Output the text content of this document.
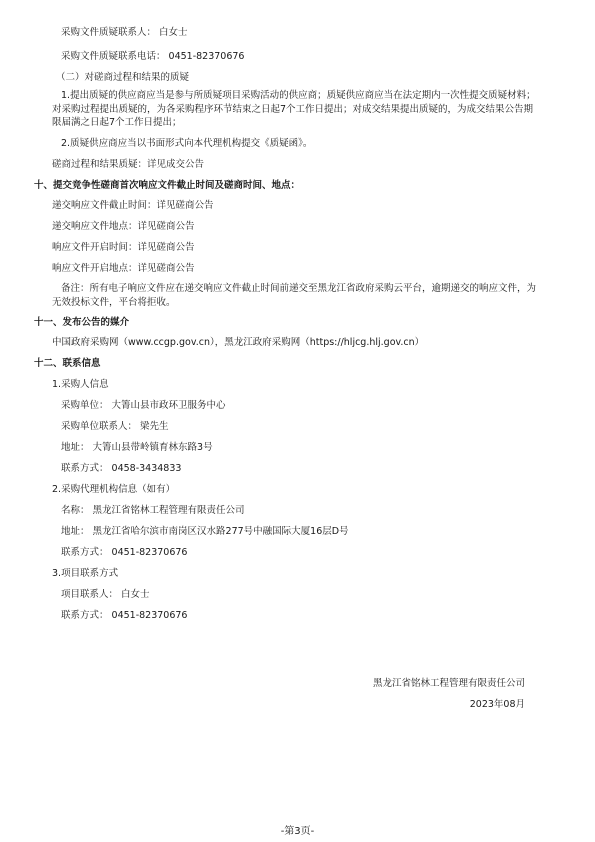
采购文件质疑联系人： 白女士
采购文件质疑联系电话： 0451-82370676
（二）对磋商过程和结果的质疑
1.提出质疑的供应商应当是参与所质疑项目采购活动的供应商；质疑供应商应当在法定期内一次性提交质疑材料；对采购过程提出质疑的，为各采购程序环节结束之日起7个工作日提出；对成交结果提出质疑的，为成交结果公告期限届满之日起7个工作日提出；
2.质疑供应商应当以书面形式向本代理机构提交《质疑函》。
磋商过程和结果质疑：详见成交公告
十、提交竞争性磋商首次响应文件截止时间及磋商时间、地点：
递交响应文件截止时间：详见磋商公告
递交响应文件地点：详见磋商公告
响应文件开启时间：详见磋商公告
响应文件开启地点：详见磋商公告
备注：所有电子响应文件应在递交响应文件截止时间前递交至黑龙江省政府采购云平台，逾期递交的响应文件，为无效投标文件，平台将拒收。
十一、发布公告的媒介
中国政府采购网（www.ccgp.gov.cn），黑龙江政府采购网（https://hljcg.hlj.gov.cn）
十二、联系信息
1.采购人信息
采购单位： 大箐山县市政环卫服务中心
采购单位联系人： 梁先生
地址： 大箐山县带岭镇育林东路3号
联系方式： 0458-3434833
2.采购代理机构信息（如有）
名称： 黑龙江省铭林工程管理有限责任公司
地址： 黑龙江省哈尔滨市南岗区汉水路277号中融国际大厦16层D号
联系方式： 0451-82370676
3.项目联系方式
项目联系人： 白女士
联系方式： 0451-82370676
黑龙江省铭林工程管理有限责任公司
2023年08月
-第3页-
